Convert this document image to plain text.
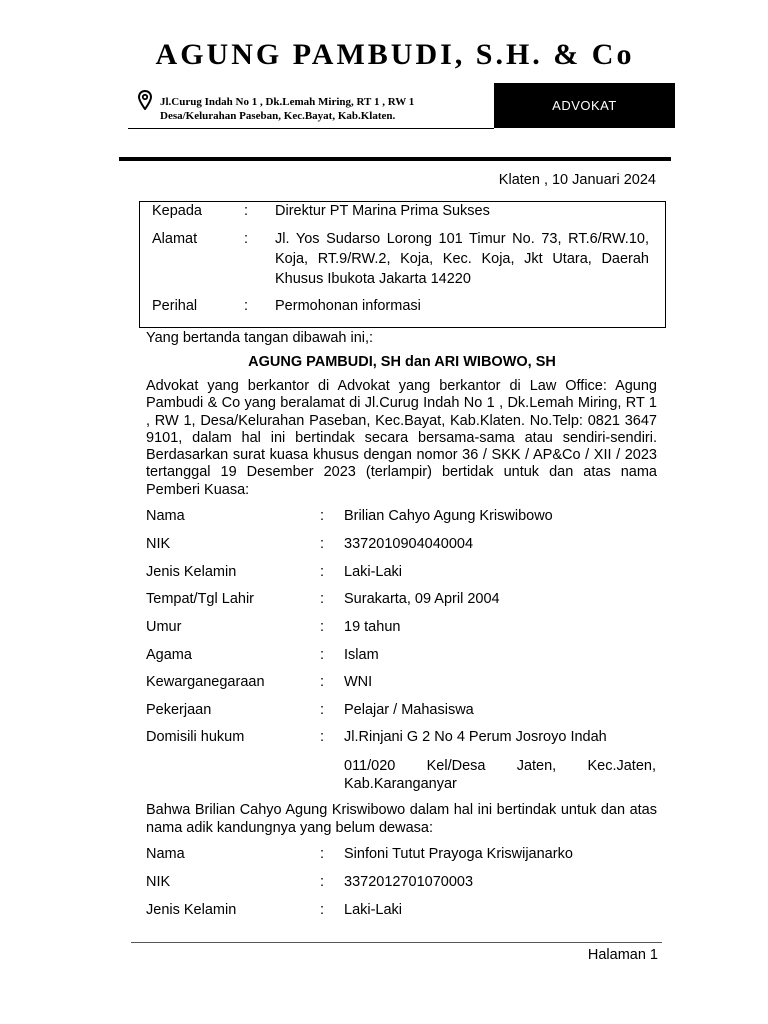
AGUNG PAMBUDI, S.H. & Co
Jl.Curug Indah No 1 , Dk.Lemah Miring, RT 1 , RW 1
Desa/Kelurahan Paseban, Kec.Bayat, Kab.Klaten.
ADVOKAT
Klaten , 10 Januari 2024
Kepada	: Direktur PT Marina Prima Sukses
Alamat	: Jl. Yos Sudarso Lorong 101 Timur No. 73, RT.6/RW.10, Koja, RT.9/RW.2, Koja, Kec. Koja, Jkt Utara, Daerah Khusus Ibukota Jakarta 14220
Perihal	: Permohonan informasi
Yang bertanda tangan dibawah ini,:
AGUNG PAMBUDI, SH dan ARI WIBOWO, SH
Advokat yang berkantor di Advokat yang berkantor di Law Office: Agung Pambudi & Co yang beralamat di Jl.Curug Indah No 1 , Dk.Lemah Miring, RT 1 , RW 1, Desa/Kelurahan Paseban, Kec.Bayat, Kab.Klaten. No.Telp: 0821 3647 9101, dalam hal ini bertindak secara bersama-sama atau sendiri-sendiri. Berdasarkan surat kuasa khusus dengan nomor 36 / SKK / AP&Co / XII / 2023 tertanggal 19 Desember 2023 (terlampir) bertidak untuk dan atas nama Pemberi Kuasa:
Nama	: Brilian Cahyo Agung Kriswibowo
NIK	: 3372010904040004
Jenis Kelamin	: Laki-Laki
Tempat/Tgl Lahir	: Surakarta, 09 April 2004
Umur	: 19 tahun
Agama	: Islam
Kewarganegaraan	: WNI
Pekerjaan	: Pelajar / Mahasiswa
Domisili hukum	: Jl.Rinjani G 2 No 4 Perum Josroyo Indah
011/020 Kel/Desa Jaten, Kec.Jaten, Kab.Karanganyar
Bahwa Brilian Cahyo Agung Kriswibowo dalam hal ini bertindak untuk dan atas nama adik kandungnya yang belum dewasa:
Nama	: Sinfoni Tutut Prayoga Kriswijanarko
NIK	: 3372012701070003
Jenis Kelamin	: Laki-Laki
Halaman 1
